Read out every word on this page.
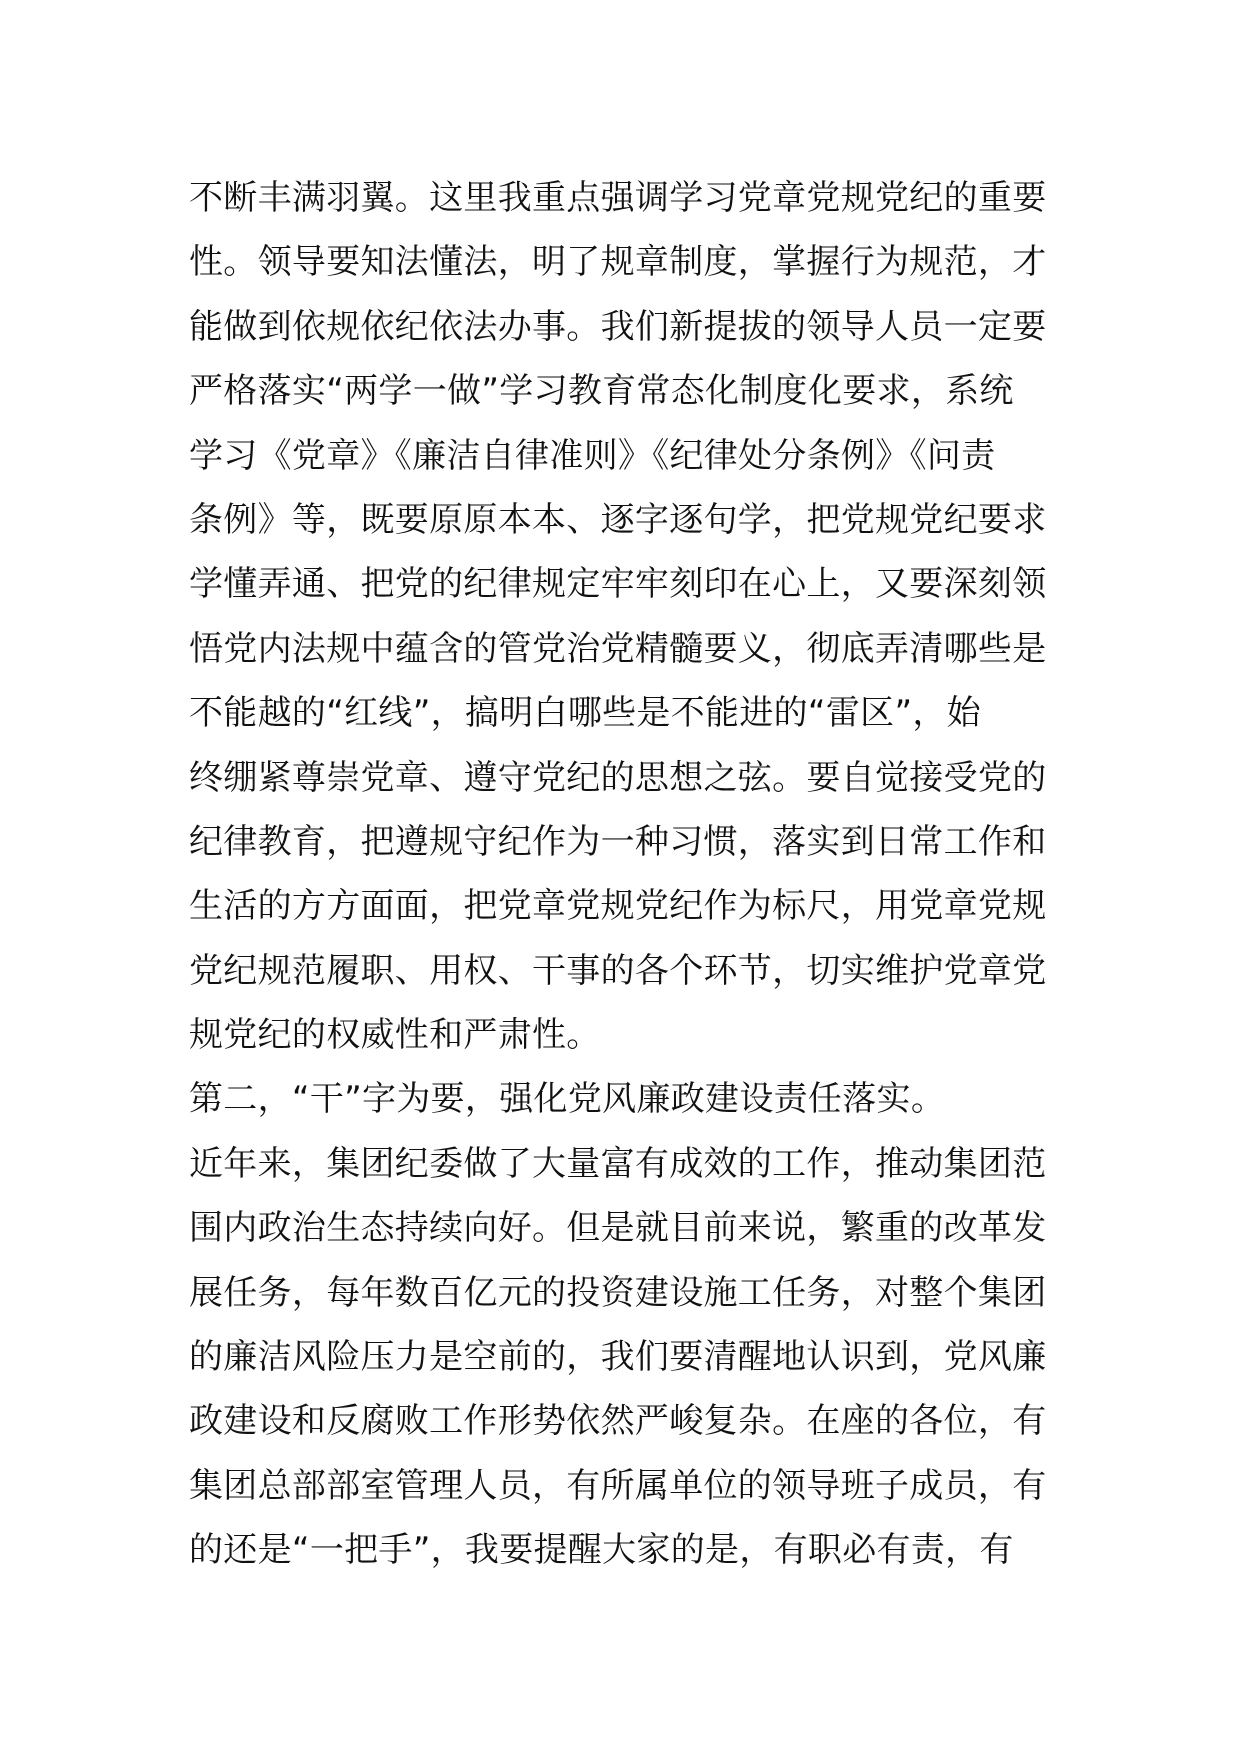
不断丰满羽翼。这里我重点强调学习党章党规党纪的重要
性。领导要知法懂法，明了规章制度，掌握行为规范，才
能做到依规依纪依法办事。我们新提拔的领导人员一定要
严格落实“两学一做”学习教育常态化制度化要求，系统
学习《党章》《廉洁自律准则》《纪律处分条例》《问责
条例》等，既要原原本本、逐字逐句学，把党规党纪要求
学懂弄通、把党的纪律规定牢牢刻印在心上，又要深刻领
悟党内法规中蕴含的管党治党精髓要义，彻底弄清哪些是
不能越的“红线”，搞明白哪些是不能进的“雷区”，始
终绷紧尊崇党章、遵守党纪的思想之弦。要自觉接受党的
纪律教育，把遵规守纪作为一种习惯，落实到日常工作和
生活的方方面面，把党章党规党纪作为标尺，用党章党规
党纪规范履职、用权、干事的各个环节，切实维护党章党
规党纪的权威性和严肃性。
第二，“干”字为要，强化党风廉政建设责任落实。
近年来，集团纪委做了大量富有成效的工作，推动集团范
围内政治生态持续向好。但是就目前来说，繁重的改革发
展任务，每年数百亿元的投资建设施工任务，对整个集团
的廉洁风险压力是空前的，我们要清醒地认识到，党风廉
政建设和反腐败工作形势依然严峻复杂。在座的各位，有
集团总部部室管理人员，有所属单位的领导班子成员，有
的还是“一把手”，我要提醒大家的是，有职必有责，有
